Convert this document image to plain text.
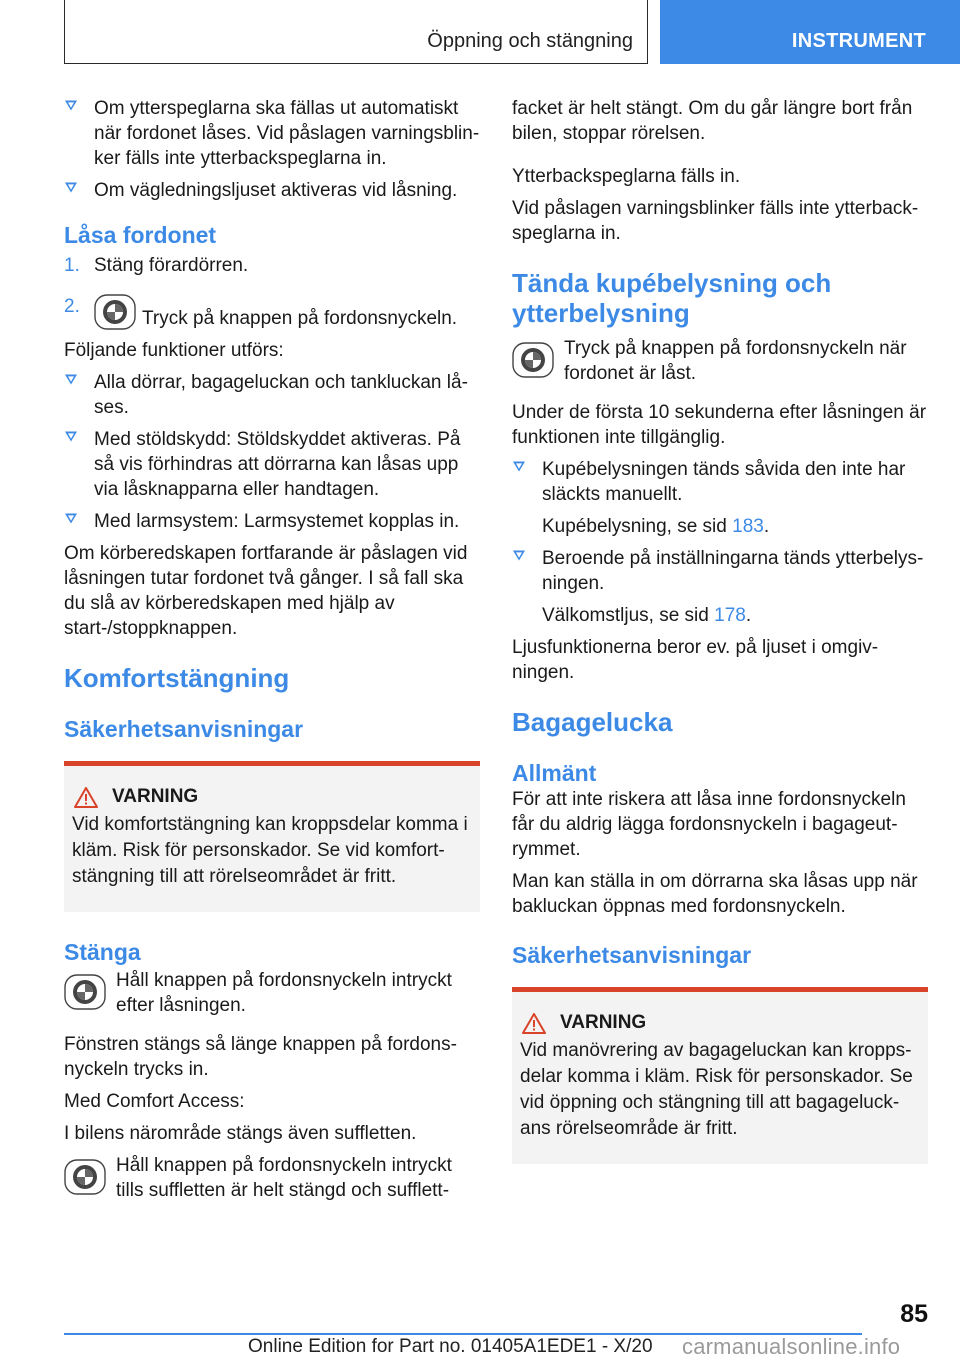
Öppning och stängning	INSTRUMENT
Om ytterspeglarna ska fällas ut automatiskt när fordonet låses. Vid påslagen varningsblin-ker fälls inte ytterbackspeglarna in.
Om vägledningsljuset aktiveras vid låsning.
Låsa fordonet
1. Stäng förardörren.
2.
Tryck på knappen på fordonsnyckeln.

Följande funktioner utförs:

Alla dörrar, bagageluckan och tankluckan lå-ses.
Med stöldskydd: Stöldskyddet aktiveras. På så vis förhindras att dörrarna kan låsas upp via låsknapparna eller handtagen.
Med larmsystem: Larmsystemet kopplas in.

Om körberedskapen fortfarande är påslagen vid låsningen tutar fordonet två gånger. I så fall ska du slå av körberedskapen med hjälp av start-/stoppknappen.

Komfortstängning
Säkerhetsanvisningar
VARNING

Vid komfortstängning kan kroppsdelar komma i kläm. Risk för personskador. Se vid komfort-stängning till att rörelseområdet är fritt.

Stänga
Håll knappen på fordonsnyckeln intryckt efter låsningen.

Fönstren stängs så länge knappen på fordons-nyckeln trycks in.

Med Comfort Access:

I bilens närområde stängs även suffletten.

Håll knappen på fordonsnyckeln intryckt tills suffletten är helt stängd och sufflett-

facket är helt stängt. Om du går längre bort från bilen, stoppar rörelsen.

Ytterbackspeglarna fälls in.

Vid påslagen varningsblinker fälls inte ytterback-speglarna in.

Tända kupébelysning och ytterbelysning
Tryck på knappen på fordonsnyckeln när fordonet är låst.

Under de första 10 sekunderna efter låsningen är funktionen inte tillgänglig.

Kupébelysningen tänds såvida den inte har släckts manuellt.

Kupébelysning, se sid 183.

Beroende på inställningarna tänds ytterbelys-ningen.

Välkomstljus, se sid 178.

Ljusfunktionerna beror ev. på ljuset i omgiv-ningen.

Bagagelucka
Allmänt

För att inte riskera att låsa inne fordonsnyckeln får du aldrig lägga fordonsnyckeln i bagageut-rymmet.

Man kan ställa in om dörrarna ska låsas upp när bakluckan öppnas med fordonsnyckeln.

Säkerhetsanvisningar
VARNING

Vid manövrering av bagageluckan kan kropps-delar komma i kläm. Risk för personskador. Se vid öppning och stängning till att bagageluck-ans rörelseområde är fritt.

85
Online Edition for Part no. 01405A1EDE1 - X/20 carmanualsonline.info
